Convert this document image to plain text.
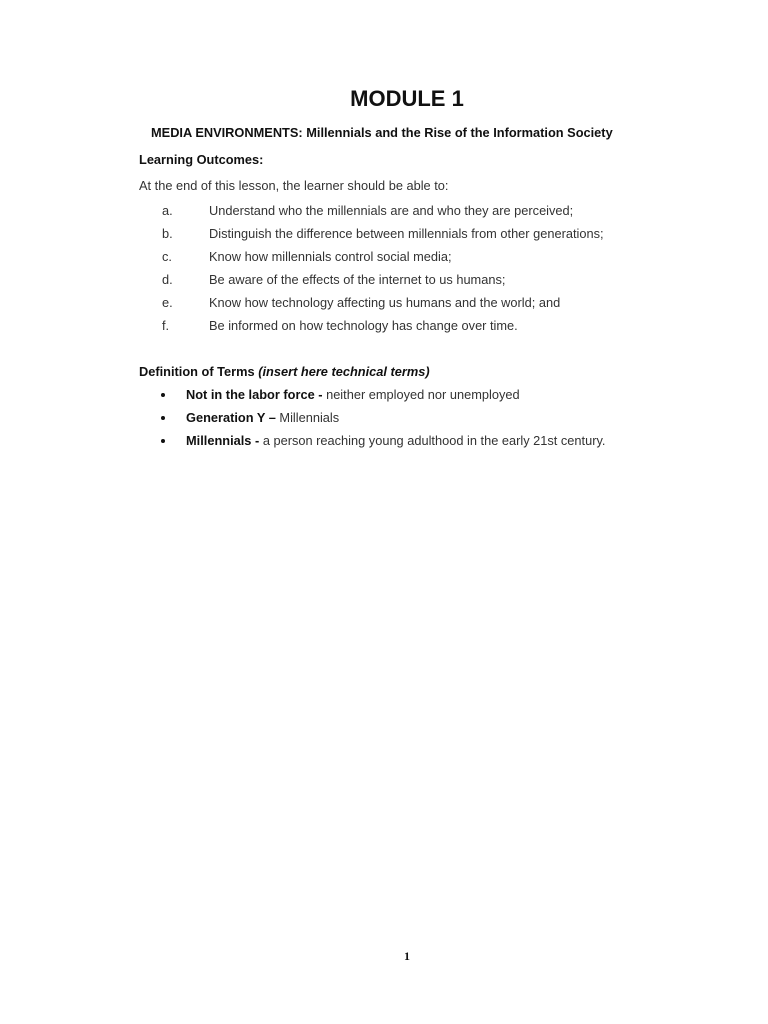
MODULE 1
MEDIA ENVIRONMENTS: Millennials and the Rise of the Information Society
Learning Outcomes:
At the end of this lesson, the learner should be able to:
a.	Understand who the millennials are and who they are perceived;
b.	Distinguish the difference between millennials from other generations;
c.	Know how millennials control social media;
d.	Be aware of the effects of the internet to us humans;
e.	Know how technology affecting us humans and the world; and
f.	Be informed on how technology has change over time.
Definition of Terms (insert here technical terms)
Not in the labor force - neither employed nor unemployed
Generation Y – Millennials
Millennials - a person reaching young adulthood in the early 21st century.
1
